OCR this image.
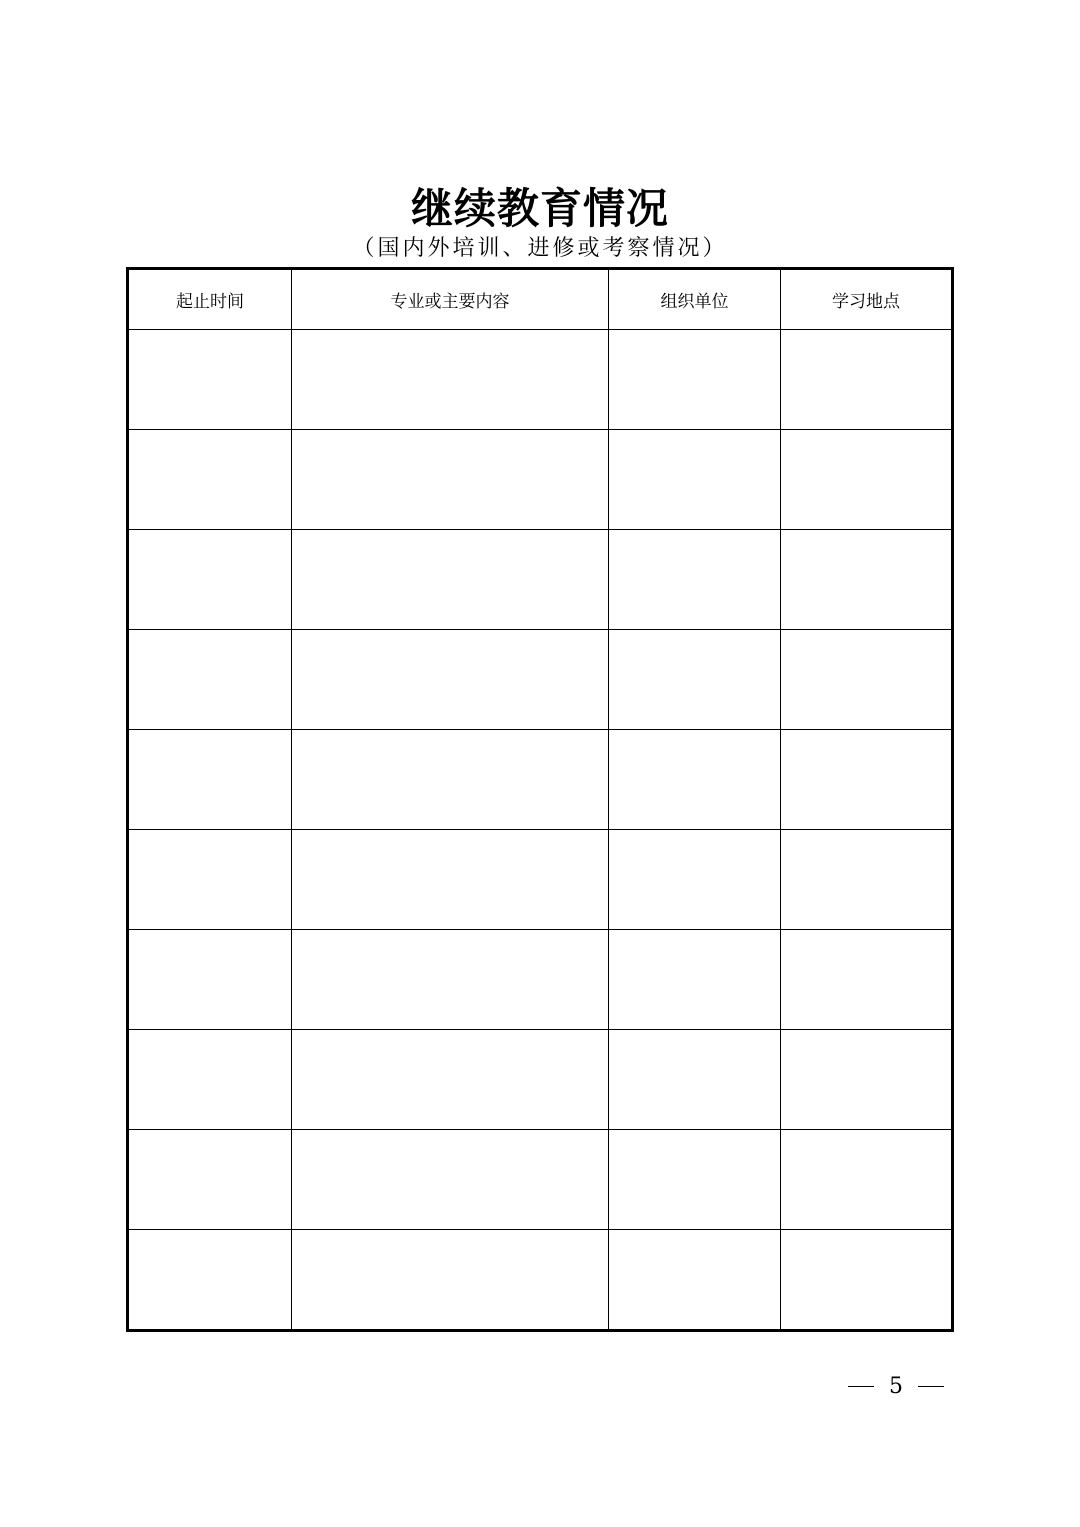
继续教育情况
（国内外培训、进修或考察情况）
起止时间	专业或主要内容	组织单位	学习地点

5
